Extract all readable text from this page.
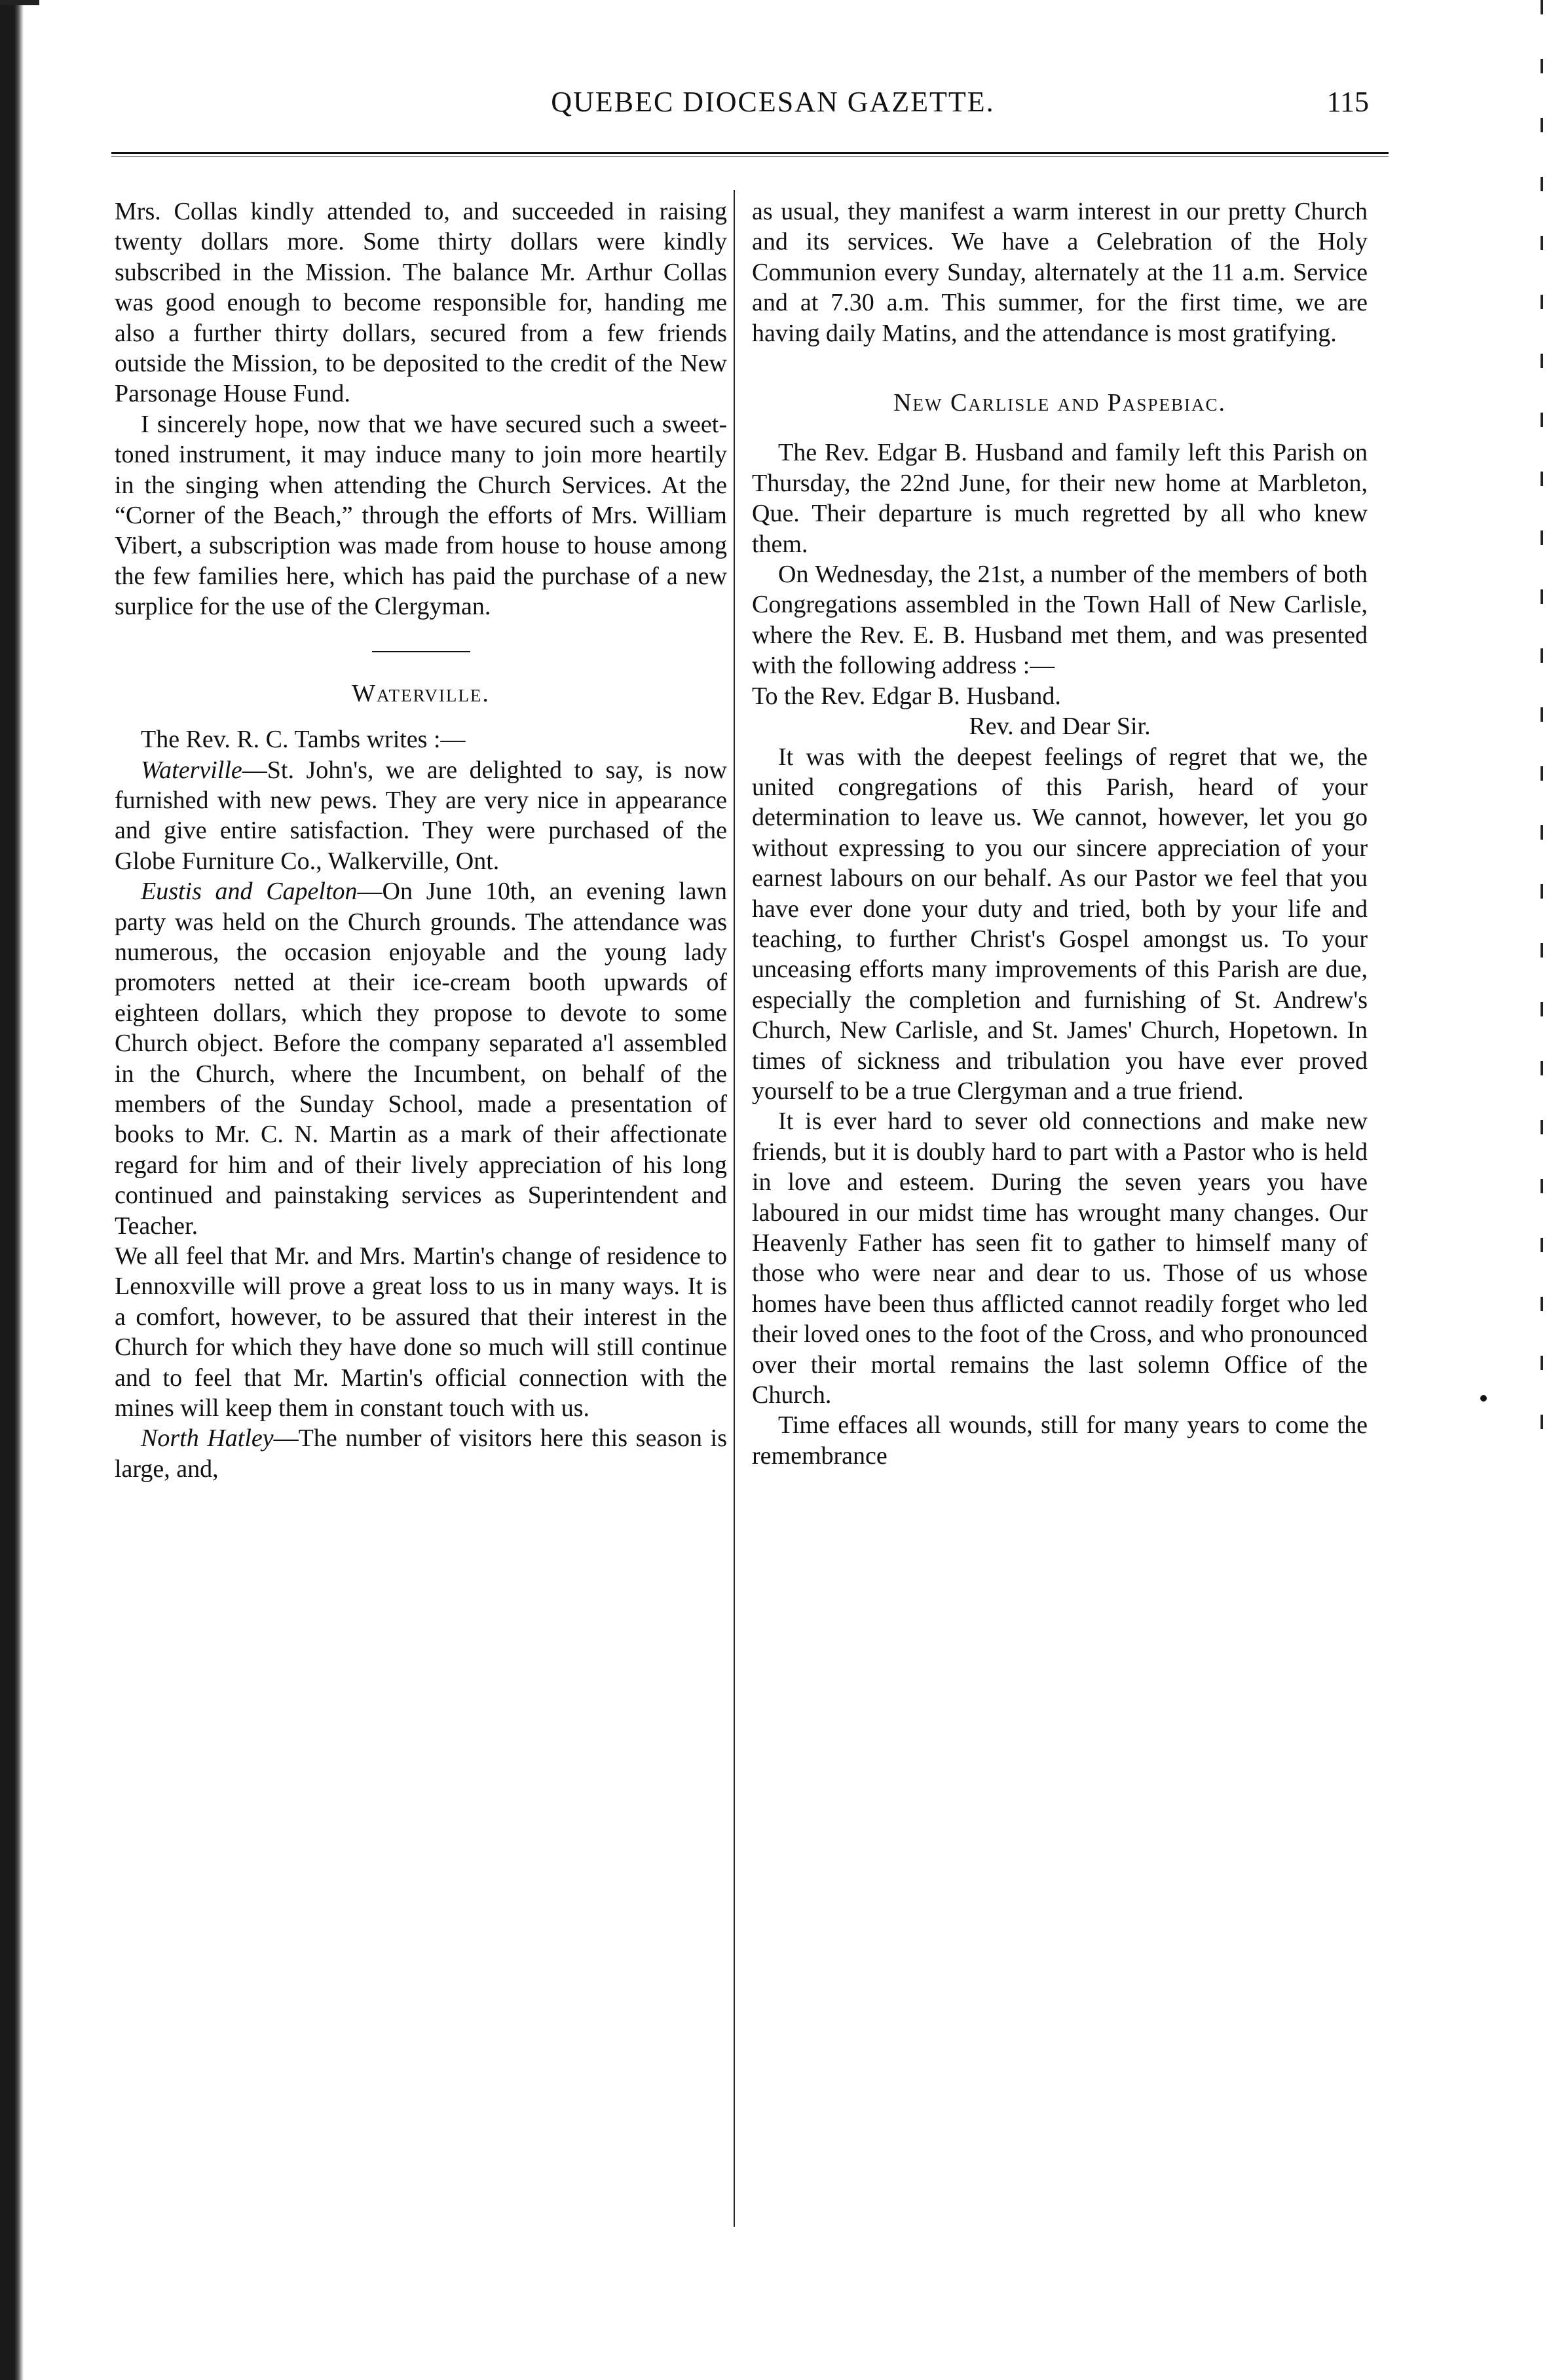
QUEBEC DIOCESAN GAZETTE.	115

Mrs. Collas kindly attended to, and succeeded in raising twenty dollars more. Some thirty dollars were kindly subscribed in the Mission. The balance Mr. Arthur Collas was good enough to become responsible for, handing me also a further thirty dollars, secured from a few friends outside the Mission, to be deposited to the credit of the New Parsonage House Fund.

I sincerely hope, now that we have secured such a sweet-toned instrument, it may induce many to join more heartily in the singing when attending the Church Services. At the “Corner of the Beach,” through the efforts of Mrs. William Vibert, a subscription was made from house to house among the few families here, which has paid the purchase of a new surplice for the use of the Clergyman.

Waterville.

The Rev. R. C. Tambs writes :—

Waterville—St. John's, we are delighted to say, is now furnished with new pews. They are very nice in appearance and give entire satisfaction. They were purchased of the Globe Furniture Co., Walkerville, Ont.

Eustis and Capelton—On June 10th, an evening lawn party was held on the Church grounds. The attendance was numerous, the occasion enjoyable and the young lady promoters netted at their ice-cream booth upwards of eighteen dollars, which they propose to devote to some Church object. Before the company separated a'l assembled in the Church, where the Incumbent, on behalf of the members of the Sunday School, made a presentation of books to Mr. C. N. Martin as a mark of their affectionate regard for him and of their lively appreciation of his long continued and painstaking services as Superintendent and Teacher.

We all feel that Mr. and Mrs. Martin's change of residence to Lennoxville will prove a great loss to us in many ways. It is a comfort, however, to be assured that their interest in the Church for which they have done so much will still continue and to feel that Mr. Martin's official connection with the mines will keep them in constant touch with us.

North Hatley—The number of visitors here this season is large, and,

as usual, they manifest a warm interest in our pretty Church and its services. We have a Celebration of the Holy Communion every Sunday, alternately at the 11 a.m. Service and at 7.30 a.m. This summer, for the first time, we are having daily Matins, and the attendance is most gratifying.

New Carlisle and Paspebiac.

The Rev. Edgar B. Husband and family left this Parish on Thursday, the 22nd June, for their new home at Marbleton, Que. Their departure is much regretted by all who knew them.

On Wednesday, the 21st, a number of the members of both Congregations assembled in the Town Hall of New Carlisle, where the Rev. E. B. Husband met them, and was presented with the following address :—

To the Rev. Edgar B. Husband.

Rev. and Dear Sir.

It was with the deepest feelings of regret that we, the united congregations of this Parish, heard of your determination to leave us. We cannot, however, let you go without expressing to you our sincere appreciation of your earnest labours on our behalf. As our Pastor we feel that you have ever done your duty and tried, both by your life and teaching, to further Christ's Gospel amongst us. To your unceasing efforts many improvements of this Parish are due, especially the completion and furnishing of St. Andrew's Church, New Carlisle, and St. James' Church, Hopetown. In times of sickness and tribulation you have ever proved yourself to be a true Clergyman and a true friend.

It is ever hard to sever old connections and make new friends, but it is doubly hard to part with a Pastor who is held in love and esteem. During the seven years you have laboured in our midst time has wrought many changes. Our Heavenly Father has seen fit to gather to himself many of those who were near and dear to us. Those of us whose homes have been thus afflicted cannot readily forget who led their loved ones to the foot of the Cross, and who pronounced over their mortal remains the last solemn Office of the Church.

Time effaces all wounds, still for many years to come the remembrance
